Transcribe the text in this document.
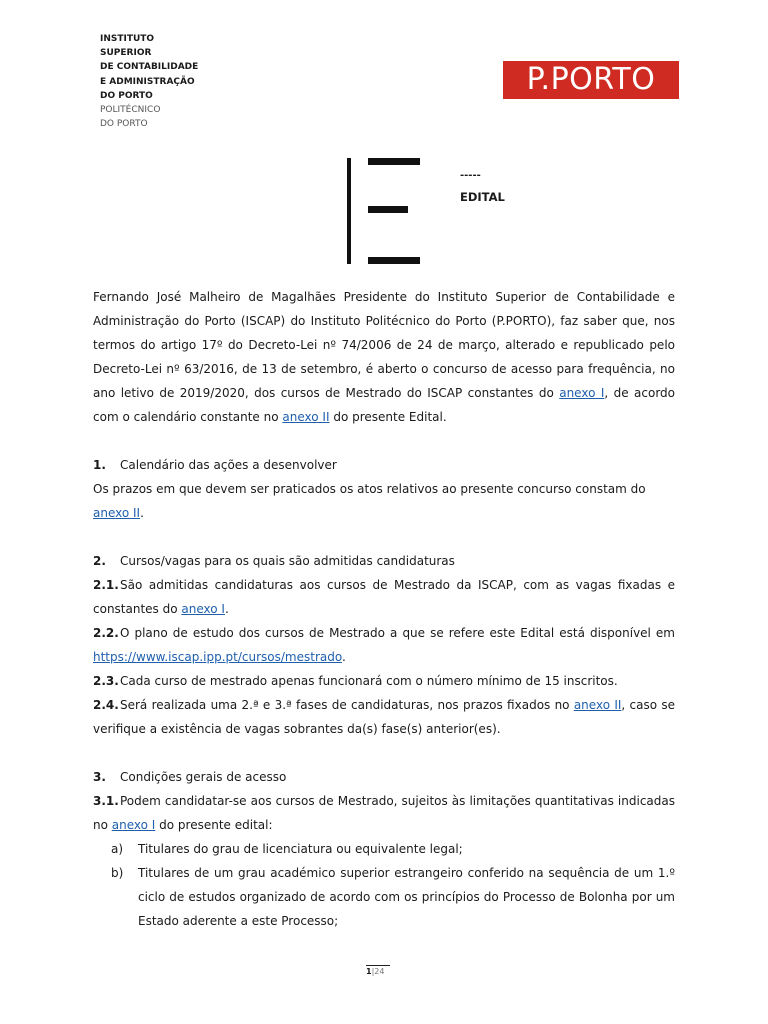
INSTITUTO
SUPERIOR
DE CONTABILIDADE
E ADMINISTRAÇÃO
DO PORTO
POLITÉCNICO
DO PORTO
P.PORTO
-----
EDITAL

Fernando José Malheiro de Magalhães Presidente do Instituto Superior de Contabilidade e Administração do Porto (ISCAP) do Instituto Politécnico do Porto (P.PORTO), faz saber que, nos termos do artigo 17º do Decreto-Lei nº 74/2006 de 24 de março, alterado e republicado pelo Decreto-Lei nº 63/2016, de 13 de setembro, é aberto o concurso de acesso para frequência, no ano letivo de 2019/2020, dos cursos de Mestrado do ISCAP constantes do anexo I, de acordo com o calendário constante no anexo II do presente Edital.

1. Calendário das ações a desenvolver

Os prazos em que devem ser praticados os atos relativos ao presente concurso constam do anexo II.

2. Cursos/vagas para os quais são admitidas candidaturas

2.1.São admitidas candidaturas aos cursos de Mestrado da ISCAP, com as vagas fixadas e constantes do anexo I.

2.2.O plano de estudo dos cursos de Mestrado a que se refere este Edital está disponível em https://www.iscap.ipp.pt/cursos/mestrado.

2.3.Cada curso de mestrado apenas funcionará com o número mínimo de 15 inscritos.

2.4.Será realizada uma 2.ª e 3.ª fases de candidaturas, nos prazos fixados no anexo II, caso se verifique a existência de vagas sobrantes da(s) fase(s) anterior(es).

3. Condições gerais de acesso

3.1.Podem candidatar-se aos cursos de Mestrado, sujeitos às limitações quantitativas indicadas no anexo I do presente edital:

a) Titulares do grau de licenciatura ou equivalente legal;

b) Titulares de um grau académico superior estrangeiro conferido na sequência de um 1.º ciclo de estudos organizado de acordo com os princípios do Processo de Bolonha por um Estado aderente a este Processo;

1|24
